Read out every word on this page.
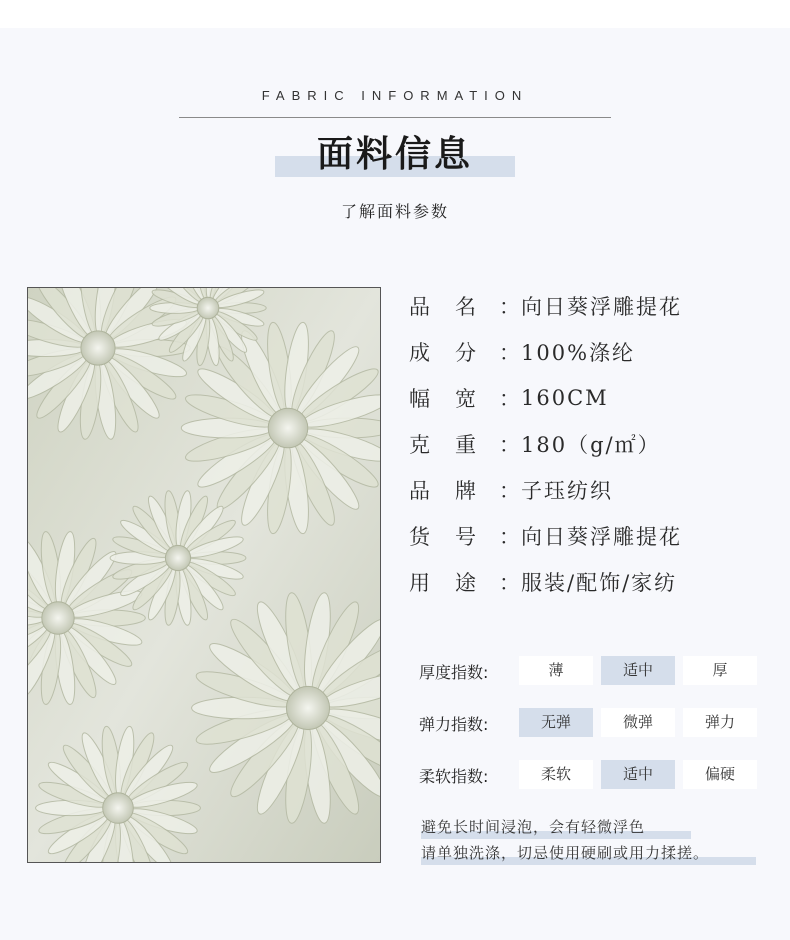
FABRIC INFORMATION
面料信息
了解面料参数
品　名	： 向日葵浮雕提花
成　分	： 100%涤纶
幅　宽	： 160CM
克　重	： 180（g/㎡）
品　牌	： 子珏纺织
货　号	： 向日葵浮雕提花
用　途	： 服装/配饰/家纺
厚度指数:	薄	适中	厚
弹力指数:	无弹	微弹	弹力
柔软指数:	柔软	适中	偏硬
避免长时间浸泡，会有轻微浮色
请单独洗涤，切忌使用硬刷或用力揉搓。
